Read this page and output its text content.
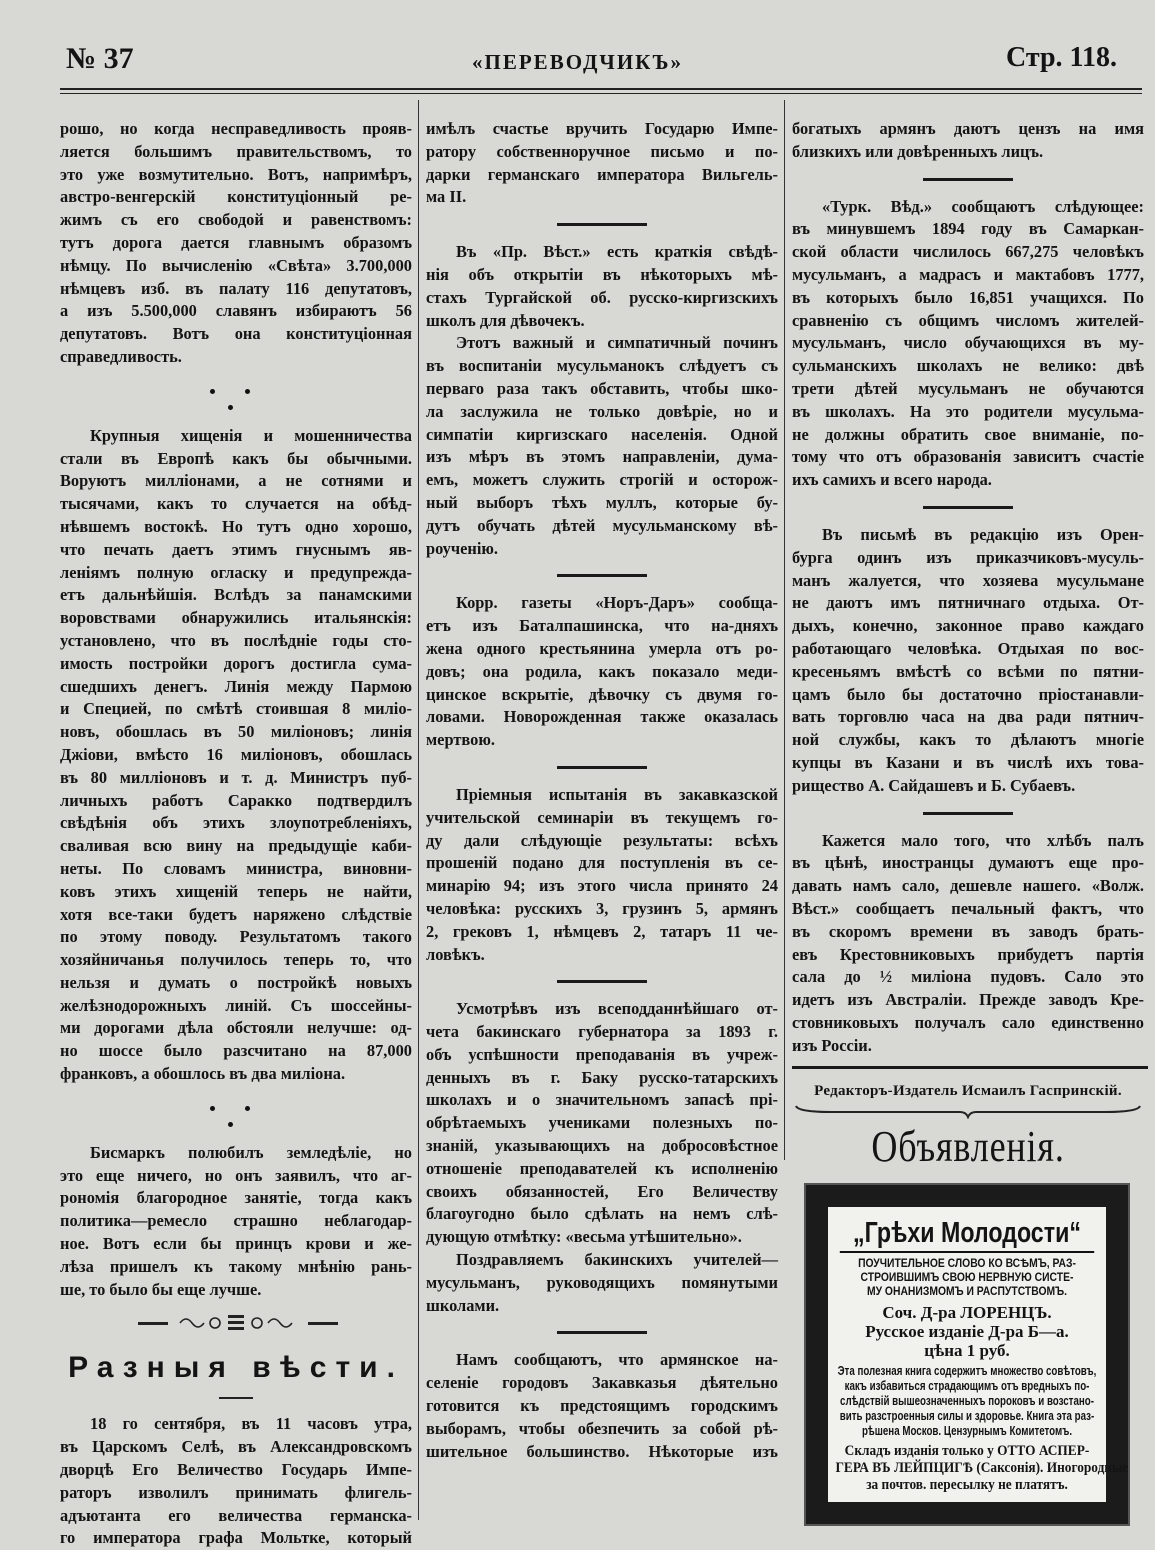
№ 37	«ПЕРЕВОДЧИКЪ»	Стр. 118.
рошо, но когда несправедливость прояв-
ляется большимъ правительствомъ, то
это уже возмутительно. Вотъ, напримѣръ,
австро-венгерскій конституціонный ре-
жимъ съ его свободой и равенствомъ:
тутъ дорога дается главнымъ образомъ
нѣмцу. По вычисленію «Свѣта» 3.700,000
нѣмцевъ изб. въ палату 116 депутатовъ,
а изъ 5.500,000 славянъ избираютъ 56
депутатовъ. Вотъ она конституціонная
справедливость.
Крупныя хищенія и мошенничества
стали въ Европѣ какъ бы обычными.
Воруютъ милліонами, а не сотнями и
тысячами, какъ то случается на обѣд-
нѣвшемъ востокѣ. Но тутъ одно хорошо,
что печать даетъ этимъ гнуснымъ яв-
леніямъ полную огласку и предупрежда-
етъ дальнѣйшія. Вслѣдъ за панамскими
воровствами обнаружились итальянскія:
установлено, что въ послѣдніе годы сто-
имость постройки дорогъ достигла сума-
сшедшихъ денегъ. Линія между Пармою
и Специей, по смѣтѣ стоившая 8 миліо-
новъ, обошлась въ 50 миліоновъ; линія
Джіови, вмѣсто 16 миліоновъ, обошлась
въ 80 милліоновъ и т. д. Министръ пуб-
личныхъ работъ Саракко подтвердилъ
свѣдѣнія объ этихъ злоупотребленіяхъ,
сваливая всю вину на предыдущіе каби-
неты. По словамъ министра, виновни-
ковъ этихъ хищеній теперь не найти,
хотя все-таки будетъ наряжено слѣдствіе
по этому поводу. Результатомъ такого
хозяйничанья получилось теперь то, что
нельзя и думать о постройкѣ новыхъ
желѣзнодорожныхъ линій. Съ шоссейны-
ми дорогами дѣла обстояли нелучше: од-
но шоссе было разсчитано на 87,000
франковъ, а обошлось въ два миліона.
Бисмаркъ полюбилъ земледѣліе, но
это еще ничего, но онъ заявилъ, что аг-
рономія благородное занятіе, тогда какъ
политика—ремесло страшно неблагодар-
ное. Вотъ если бы принцъ крови и же-
лѣза пришелъ къ такому мнѣнію рань-
ше, то было бы еще лучше.
Разныя вѣсти.
18 го сентября, въ 11 часовъ утра,
въ Царскомъ Селѣ, въ Александровскомъ
дворцѣ Его Величество Государь Импе-
раторъ изволилъ принимать флигель-
адъютанта его величества германска-
го императора графа Мольтке, который
имѣлъ счастье вручить Государю Импе-
ратору собственноручное письмо и по-
дарки германскаго императора Вильгель-
ма II.
Въ «Пр. Вѣст.» есть краткія свѣдѣ-
нія объ открытіи въ нѣкоторыхъ мѣ-
стахъ Тургайской об. русско-киргизскихъ
школъ для дѣвочекъ.
Этотъ важный и симпатичный починъ
въ воспитаніи мусульманокъ слѣдуетъ съ
перваго раза такъ обставить, чтобы шко-
ла заслужила не только довѣріе, но и
симпатіи киргизскаго населенія. Одной
изъ мѣръ въ этомъ направленіи, дума-
емъ, можетъ служить строгій и осторож-
ный выборъ тѣхъ муллъ, которые бу-
дутъ обучать дѣтей мусульманскому вѣ-
роученію.
Корр. газеты «Норъ-Даръ» сообща-
етъ изъ Баталпашинска, что на-дняхъ
жена одного крестьянина умерла отъ ро-
довъ; она родила, какъ показало меди-
цинское вскрытіе, дѣвочку съ двумя го-
ловами. Новорожденная также оказалась
мертвою.
Пріемныя испытанія въ закавказской
учительской семинаріи въ текущемъ го-
ду дали слѣдующіе результаты: всѣхъ
прошеній подано для поступленія въ се-
минарію 94; изъ этого числа принято 24
человѣка: русскихъ 3, грузинъ 5, армянъ
2, грековъ 1, нѣмцевъ 2, татаръ 11 че-
ловѣкъ.
Усмотрѣвъ изъ всеподданнѣйшаго от-
чета бакинскаго губернатора за 1893 г.
объ успѣшности преподаванія въ учреж-
денныхъ въ г. Баку русско-татарскихъ
школахъ и о значительномъ запасѣ прі-
обрѣтаемыхъ учениками полезныхъ по-
знаній, указывающихъ на добросовѣстное
отношеніе преподавателей къ исполненію
своихъ обязанностей, Его Величеству
благоугодно было сдѣлать на немъ слѣ-
дующую отмѣтку: «весьма утѣшительно».
Поздравляемъ бакинскихъ учителей—
мусульманъ, руководящихъ помянутыми
школами.
Намъ сообщаютъ, что армянское на-
селеніе городовъ Закавказья дѣятельно
готовится къ предстоящимъ городскимъ
выборамъ, чтобы обезпечить за собой рѣ-
шительное большинство. Нѣкоторые изъ
богатыхъ армянъ даютъ цензъ на имя
близкихъ или довѣренныхъ лицъ.
«Турк. Вѣд.» сообщаютъ слѣдующее:
въ минувшемъ 1894 году въ Самаркан-
ской области числилось 667,275 человѣкъ
мусульманъ, а мадрасъ и мактабовъ 1777,
въ которыхъ было 16,851 учащихся. По
сравненію съ общимъ числомъ жителей-
мусульманъ, число обучающихся въ му-
сульманскихъ школахъ не велико: двѣ
трети дѣтей мусульманъ не обучаются
въ школахъ. На это родители мусульма-
не должны обратить свое вниманіе, по-
тому что отъ образованія зависитъ счастіе
ихъ самихъ и всего народа.
Въ письмѣ въ редакцію изъ Орен-
бурга одинъ изъ приказчиковъ-мусуль-
манъ жалуется, что хозяева мусульмане
не даютъ имъ пятничнаго отдыха. От-
дыхъ, конечно, законное право каждаго
работающаго человѣка. Отдыхая по вос-
кресеньямъ вмѣстѣ со всѣми по пятни-
цамъ было бы достаточно пріостанавли-
вать торговлю часа на два ради пятнич-
ной службы, какъ то дѣлаютъ многіе
купцы въ Казани и въ числѣ ихъ това-
рищество А. Сайдашевъ и Б. Субаевъ.
Кажется мало того, что хлѣбъ палъ
въ цѣнѣ, иностранцы думаютъ еще про-
давать намъ сало, дешевле нашего. «Волж.
Вѣст.» сообщаетъ печальный фактъ, что
въ скоромъ времени въ заводъ брать-
евъ Крестовниковыхъ прибудетъ партія
сала до ½ миліона пудовъ. Сало это
идетъ изъ Австраліи. Прежде заводъ Кре-
стовниковыхъ получалъ сало единственно
изъ Россіи.
Редакторъ-Издатель Исмаилъ Гаспринскій.
Объявленія.
„Грѣхи Молодости“
ПОУЧИТЕЛЬНОЕ СЛОВО КО ВСѢМЪ, РАЗ-
СТРОИВШИМЪ СВОЮ НЕРВНУЮ СИСТЕ-
МУ ОНАНИЗМОМЪ И РАСПУТСТВОМЪ.
Соч. Д-ра ЛОРЕНЦЪ.
Русское изданіе Д-ра Б—а.
цѣна 1 руб.
Эта полезная книга содержитъ множество совѣтовъ,
какъ избавиться страдающимъ отъ вредныхъ по-
слѣдствій вышеозначенныхъ пороковъ и возстано-
вить разстроенныя силы и здоровье. Книга эта раз-
рѣшена Москов. Цензурнымъ Комитетомъ.
Складъ изданія только у ОТТО АСПЕР-
ГЕРА ВЪ ЛЕЙПЦИГѢ (Саксонія). Иногородные
за почтов. пересылку не платятъ.
